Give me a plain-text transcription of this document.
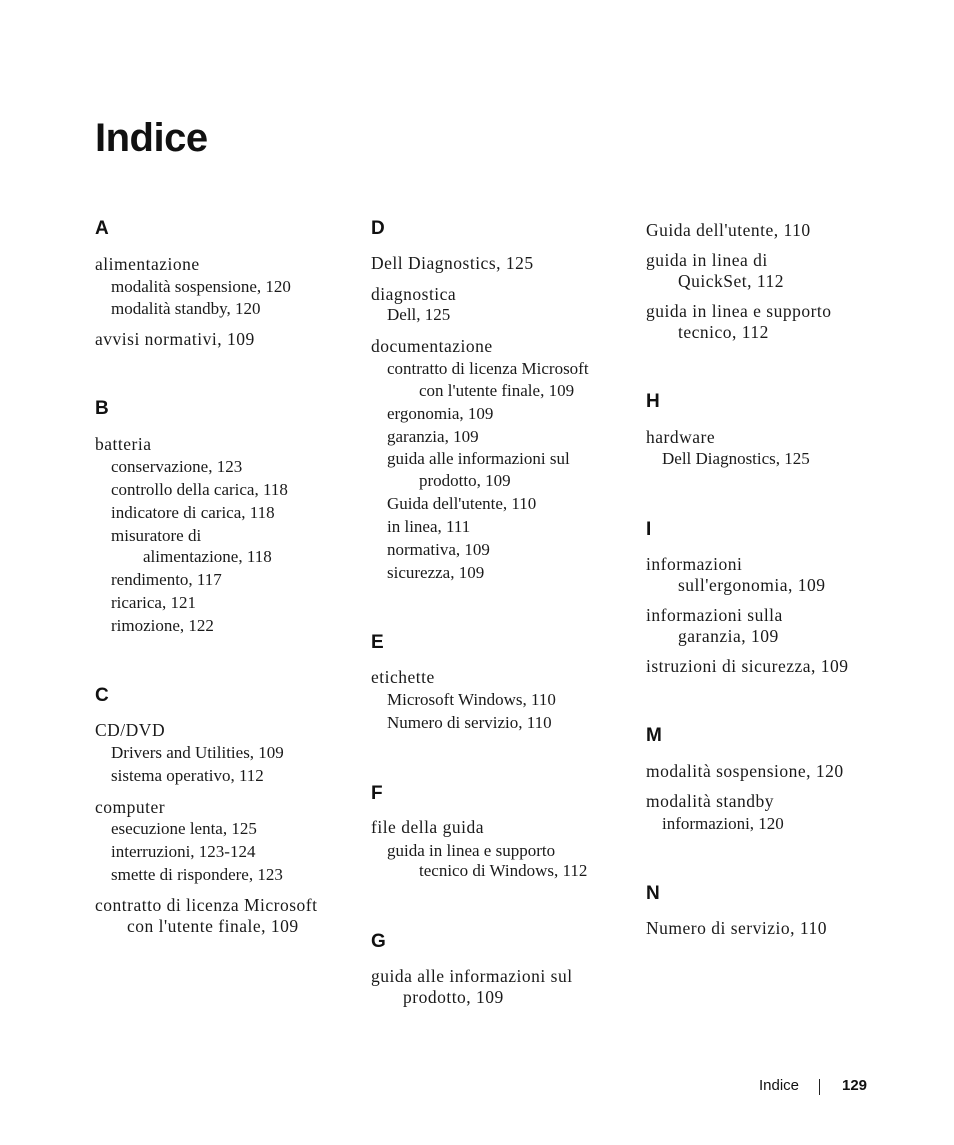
Indice
A
alimentazione
modalità sospensione, 120
modalità standby, 120
avvisi normativi, 109
B
batteria
conservazione, 123
controllo della carica, 118
indicatore di carica, 118
misuratore di
alimentazione, 118
rendimento, 117
ricarica, 121
rimozione, 122
C
CD/DVD
Drivers and Utilities, 109
sistema operativo, 112
computer
esecuzione lenta, 125
interruzioni, 123-124
smette di rispondere, 123
contratto di licenza Microsoft
con l'utente finale, 109
D
Dell Diagnostics, 125
diagnostica
Dell, 125
documentazione
contratto di licenza Microsoft
con l'utente finale, 109
ergonomia, 109
garanzia, 109
guida alle informazioni sul
prodotto, 109
Guida dell'utente, 110
in linea, 111
normativa, 109
sicurezza, 109
E
etichette
Microsoft Windows, 110
Numero di servizio, 110
F
file della guida
guida in linea e supporto
tecnico di Windows, 112
G
guida alle informazioni sul
prodotto, 109
Guida dell'utente, 110
guida in linea di
QuickSet, 112
guida in linea e supporto
tecnico, 112
H
hardware
Dell Diagnostics, 125
I
informazioni
sull'ergonomia, 109
informazioni sulla
garanzia, 109
istruzioni di sicurezza, 109
M
modalità sospensione, 120
modalità standby
informazioni, 120
N
Numero di servizio, 110
Indice	129
